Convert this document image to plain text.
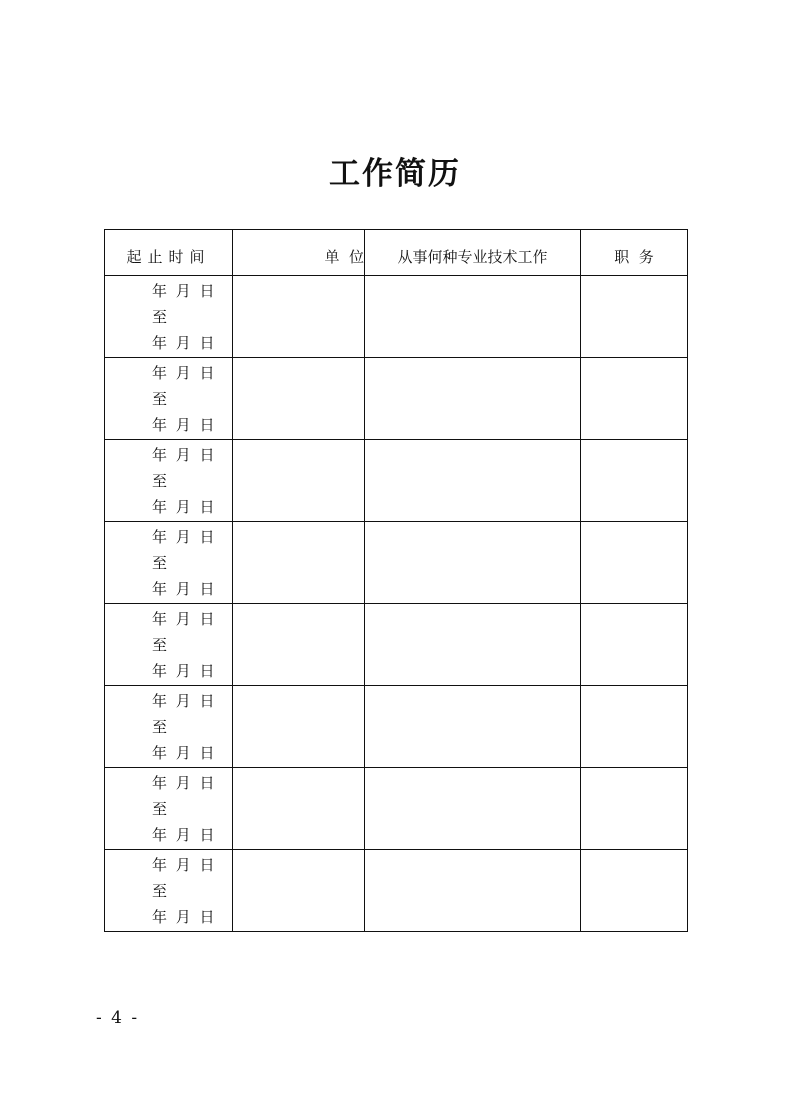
工作简历
起止时间	单  位	从事何种专业技术工作	职  务

年 月 日
至
年 月 日			

年 月 日
至
年 月 日			

年 月 日
至
年 月 日			

年 月 日
至
年 月 日			

年 月 日
至
年 月 日			

年 月 日
至
年 月 日			

年 月 日
至
年 月 日			

年 月 日
至
年 月 日			

- 4 -
